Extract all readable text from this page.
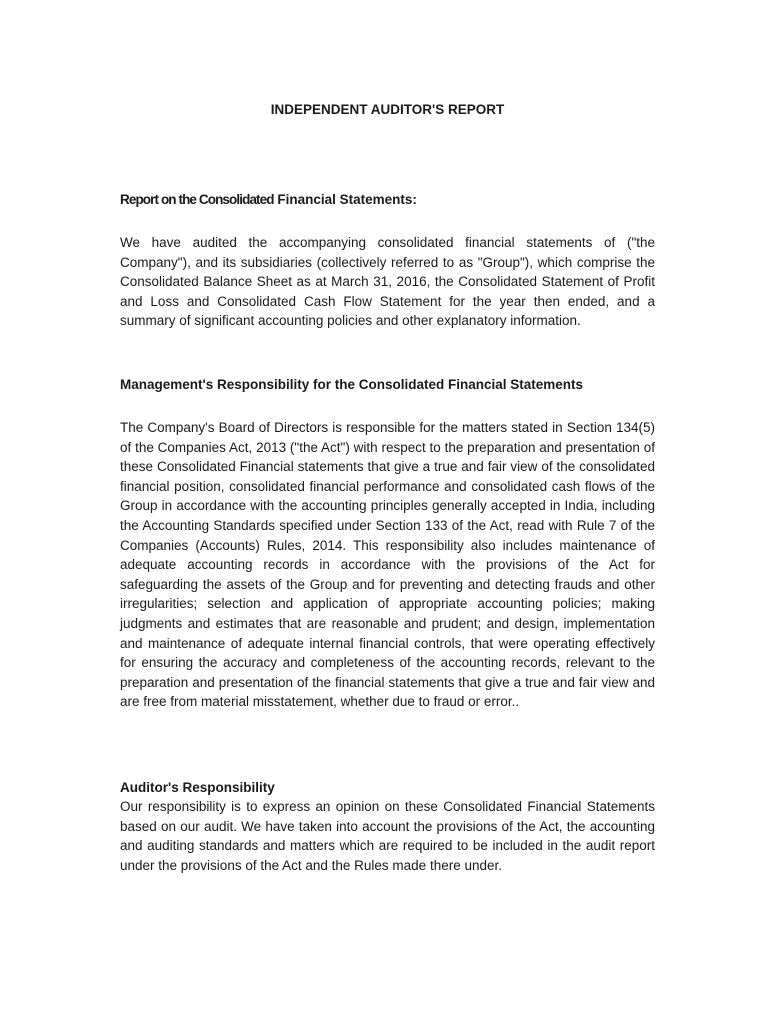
INDEPENDENT AUDITOR'S REPORT
Report on the Consolidated Financial Statements:

We have audited the accompanying consolidated financial statements of ("the Company"), and its subsidiaries (collectively referred to as "Group"), which comprise the Consolidated Balance Sheet as at March 31, 2016, the Consolidated Statement of Profit and Loss and Consolidated Cash Flow Statement for the year then ended, and a summary of significant accounting policies and other explanatory information.

Management's Responsibility for the Consolidated Financial Statements

The Company's Board of Directors is responsible for the matters stated in Section 134(5) of the Companies Act, 2013 ("the Act") with respect to the preparation and presentation of these Consolidated Financial statements that give a true and fair view of the consolidated financial position, consolidated financial performance and consolidated cash flows of the Group in accordance with the accounting principles generally accepted in India, including the Accounting Standards specified under Section 133 of the Act, read with Rule 7 of the Companies (Accounts) Rules, 2014. This responsibility also includes maintenance of adequate accounting records in accordance with the provisions of the Act for safeguarding the assets of the Group and for preventing and detecting frauds and other irregularities; selection and application of appropriate accounting policies; making judgments and estimates that are reasonable and prudent; and design, implementation and maintenance of adequate internal financial controls, that were operating effectively for ensuring the accuracy and completeness of the accounting records, relevant to the preparation and presentation of the financial statements that give a true and fair view and are free from material misstatement, whether due to fraud or error..

Auditor's Responsibility

Our responsibility is to express an opinion on these Consolidated Financial Statements based on our audit. We have taken into account the provisions of the Act, the accounting and auditing standards and matters which are required to be included in the audit report under the provisions of the Act and the Rules made there under.
